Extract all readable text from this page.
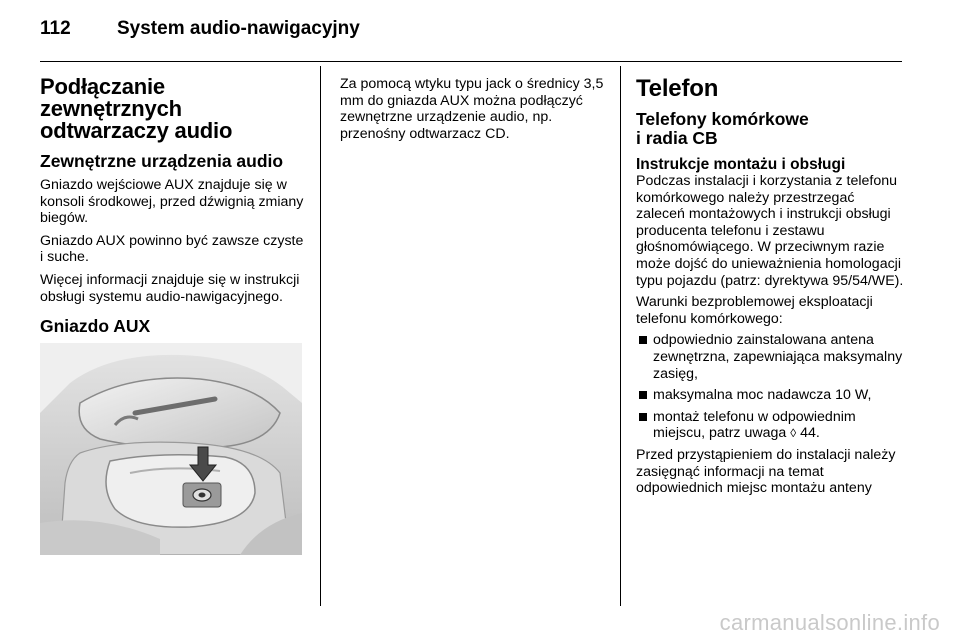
112 System audio-nawigacyjny
Podłączanie
zewnętrznych
odtwarzaczy audio
Zewnętrzne urządzenia audio

Gniazdo wejściowe AUX znajduje się w konsoli środkowej, przed dźwignią zmiany biegów.

Gniazdo AUX powinno być zawsze czyste i suche.

Więcej informacji znajduje się w instrukcji obsługi systemu audio-nawigacyjnego.

Gniazdo AUX

Za pomocą wtyku typu jack o średnicy 3,5 mm do gniazda AUX można podłączyć zewnętrzne urządzenie audio, np. przenośny odtwarzacz CD.

Telefon
Telefony komórkowe
i radia CB
Instrukcje montażu i obsługi

Podczas instalacji i korzystania z telefonu komórkowego należy przestrzegać zaleceń montażowych i instrukcji obsługi producenta telefonu i zestawu głośnomówiącego. W przeciwnym razie może dojść do unieważnienia homologacji typu pojazdu (patrz: dyrektywa 95/54/WE).

Warunki bezproblemowej eksploatacji telefonu komórkowego:

odpowiednio zainstalowana antena zewnętrzna, zapewniająca maksymalny zasięg,
maksymalna moc nadawcza 10 W,
montaż telefonu w odpowiednim miejscu, patrz uwaga ◊ 44.

Przed przystąpieniem do instalacji należy zasięgnąć informacji na temat odpowiednich miejsc montażu anteny

carmanualsonline.info
